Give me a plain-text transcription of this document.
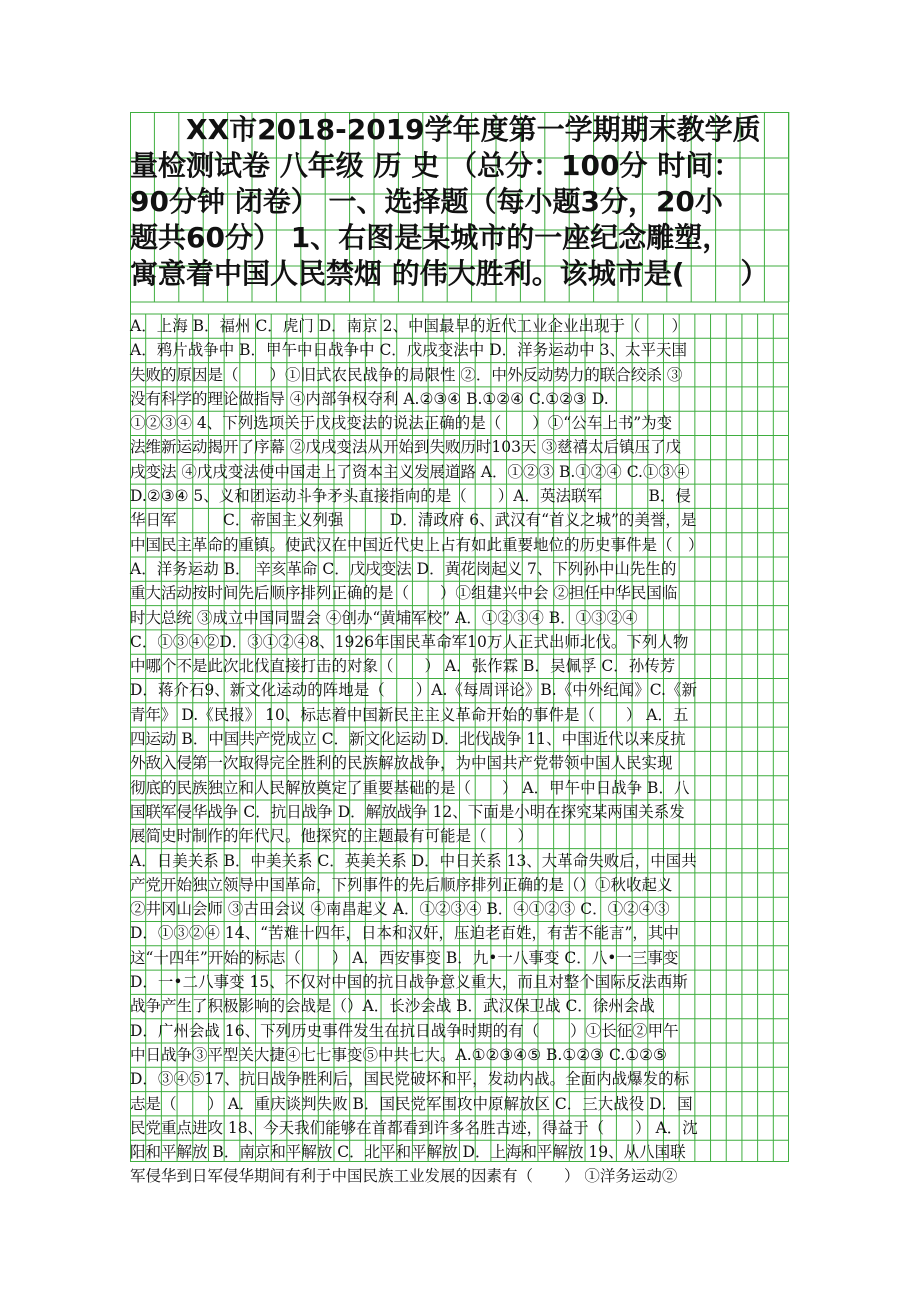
　　XX市2018-2019学年度第一学期期末教学质
量检测试卷 八年级 历 史 （总分：100分 时间：
90分钟 闭卷） 一、选择题（每小题3分，20小
题共60分） 1、右图是某城市的一座纪念雕塑，
寓意着中国人民禁烟 的伟大胜利。该城市是(　　）
A．上海 B．福州 C．虎门 D．南京 2、中国最早的近代工业企业出现于（　　）
A．鸦片战争中 B．甲午中日战争中 C．戊戌变法中 D．洋务运动中 3、太平天国
失败的原因是（　　）①旧式农民战争的局限性 ②．中外反动势力的联合绞杀 ③
没有科学的理论做指导 ④内部争权夺利 A.②③④ B.①②④ C.①②③ D.
①②③④ 4、下列选项关于戊戌变法的说法正确的是（　　）①“公车上书”为变
法维新运动揭开了序幕 ②戊戌变法从开始到失败历时103天 ③慈禧太后镇压了戊
戌变法 ④戊戌变法使中国走上了资本主义发展道路 A．①②③ B.①②④ C.①③④
D.②③④ 5、义和团运动斗争矛头直接指向的是（　　）A．英法联军　　　B．侵
华日军　　　C．帝国主义列强　　　D．清政府 6、武汉有“首义之城”的美誉，是
中国民主革命的重镇。使武汉在中国近代史上占有如此重要地位的历史事件是（　）
A．洋务运动 B． 辛亥革命 C．戊戌变法 D．黄花岗起义 7、下列孙中山先生的
重大活动按时间先后顺序排列正确的是（　　）①组建兴中会 ②担任中华民国临
时大总统 ③成立中国同盟会 ④创办“黄埔军校” A．①②③④ B．①③②④
C．①③④②D．③①②④8、1926年国民革命军10万人正式出师北伐。下列人物
中哪个不是此次北伐直接打击的对象（　　） A．张作霖 B．吴佩孚 C．孙传芳
D．蒋介石9、新文化运动的阵地是（　　）A.《每周评论》B.《中外纪闻》C.《新
青年》 D.《民报》 10、标志着中国新民主主义革命开始的事件是（　　） A．五
四运动 B．中国共产党成立 C．新文化运动 D．北伐战争 11、中国近代以来反抗
外敌入侵第一次取得完全胜利的民族解放战争，为中国共产党带领中国人民实现
彻底的民族独立和人民解放奠定了重要基础的是（　　） A．甲午中日战争 B．八
国联军侵华战争 C．抗日战争 D．解放战争 12、下面是小明在探究某两国关系发
展简史时制作的年代尺。他探究的主题最有可能是（　　）
A．日美关系 B．中美关系 C．英美关系 D．中日关系 13、大革命失败后，中国共
产党开始独立领导中国革命，下列事件的先后顺序排列正确的是（）①秋收起义
②井冈山会师 ③古田会议 ④南昌起义 A．①②③④ B．④①②③ C．①②④③
D．①③②④ 14、“苦难十四年，日本和汉奸，压迫老百姓，有苦不能言”，其中
这“十四年”开始的标志（　　） A．西安事变 B．九•一八事变 C．八•一三事变
D．一•二八事变 15、不仅对中国的抗日战争意义重大，而且对整个国际反法西斯
战争产生了积极影响的会战是（）A．长沙会战 B．武汉保卫战 C．徐州会战
D．广州会战 16、下列历史事件发生在抗日战争时期的有（　　）①长征②甲午
中日战争③平型关大捷④七七事变⑤中共七大。A.①②③④⑤ B.①②③ C.①②⑤
D．③④⑤17、抗日战争胜利后，国民党破坏和平，发动内战。全面内战爆发的标
志是（　　） A．重庆谈判失败 B．国民党军围攻中原解放区 C．三大战役 D．国
民党重点进攻 18、今天我们能够在首都看到许多名胜古迹，得益于（　　） A．沈
阳和平解放 B．南京和平解放 C．北平和平解放 D．上海和平解放 19、从八国联
军侵华到日军侵华期间有利于中国民族工业发展的因素有（　　） ①洋务运动②
